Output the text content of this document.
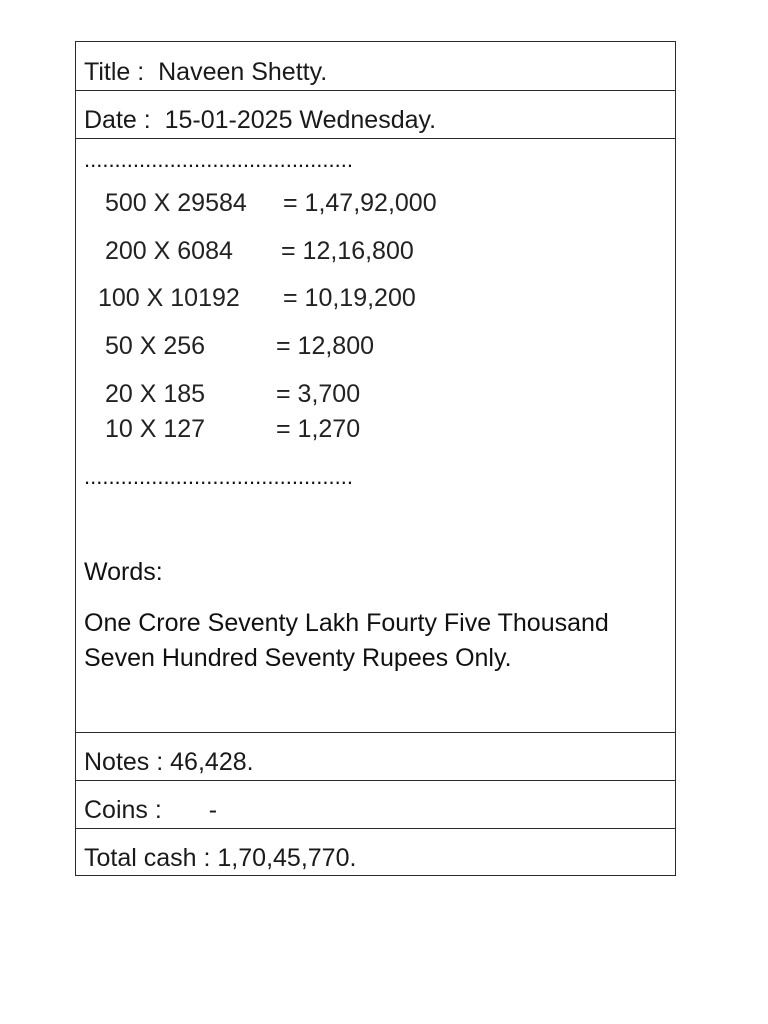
Title : Naveen Shetty.
Date : 15-01-2025 Wednesday.
............................................
500 X 29584 = 1,47,92,000
200 X 6084 = 12,16,800
100 X 10192 = 10,19,200
50 X 256	= 12,800
20 X 185	= 3,700
10 X 127	= 1,270
............................................
Words:
One Crore Seventy Lakh Fourty Five Thousand Seven Hundred Seventy Rupees Only.
Notes : 46,428.
Coins : -
Total cash : 1,70,45,770.
